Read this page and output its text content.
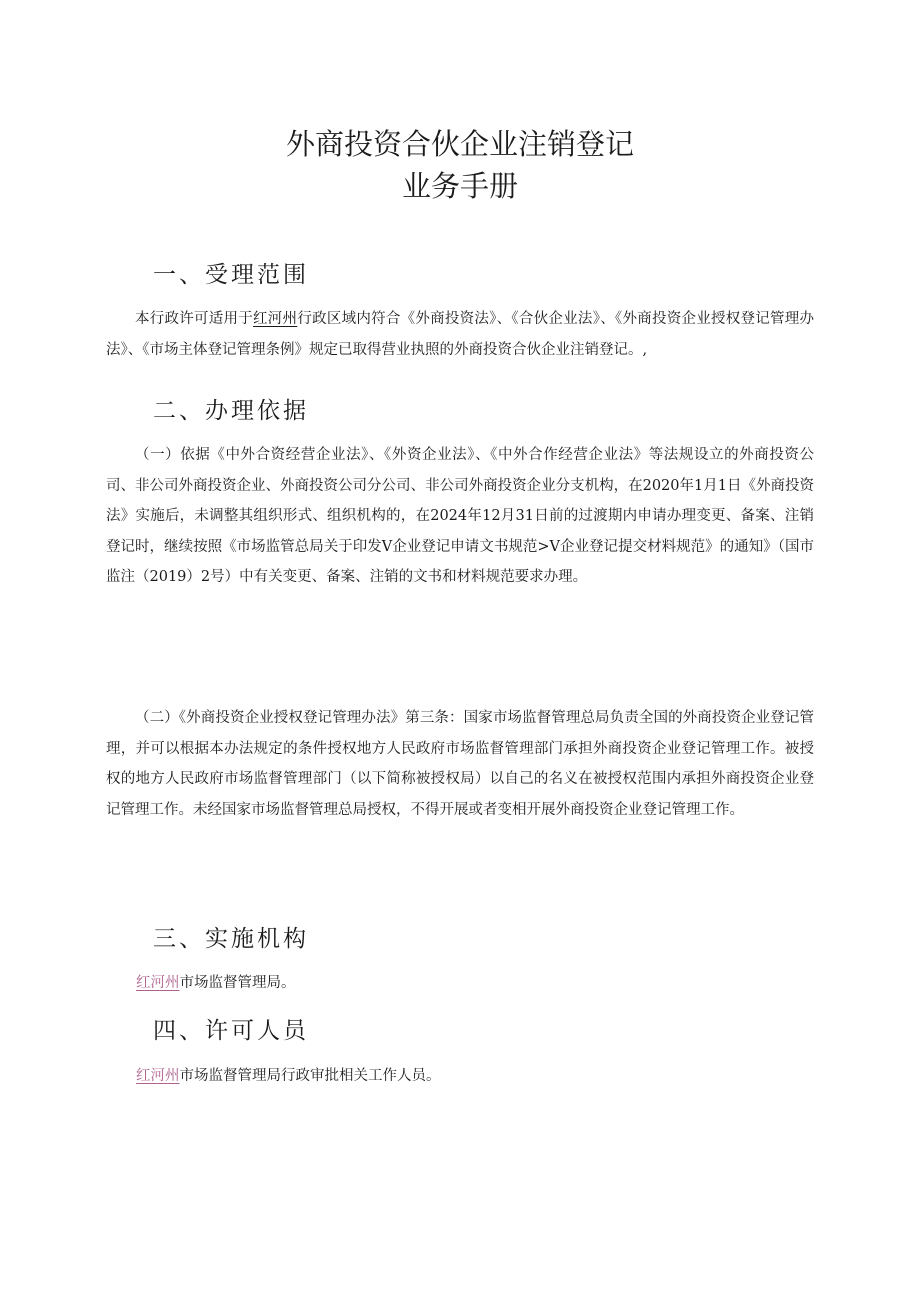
外商投资合伙企业注销登记
业务手册
一、受理范围
本行政许可适用于红河州行政区域内符合《外商投资法》、《合伙企业法》、《外商投资企业授权登记管理办法》、《市场主体登记管理条例》规定已取得营业执照的外商投资合伙企业注销登记。,
二、办理依据
（一）依据《中外合资经营企业法》、《外资企业法》、《中外合作经营企业法》等法规设立的外商投资公司、非公司外商投资企业、外商投资公司分公司、非公司外商投资企业分支机构，在2020年1月1日《外商投资法》实施后，未调整其组织形式、组织机构的，在2024年12月31日前的过渡期内申请办理变更、备案、注销登记时，继续按照《市场监管总局关于印发V企业登记申请文书规范>V企业登记提交材料规范》的通知》（国市监注（2019）2号）中有关变更、备案、注销的文书和材料规范要求办理。
（二）《外商投资企业授权登记管理办法》第三条：国家市场监督管理总局负责全国的外商投资企业登记管理，并可以根据本办法规定的条件授权地方人民政府市场监督管理部门承担外商投资企业登记管理工作。被授权的地方人民政府市场监督管理部门（以下简称被授权局）以自己的名义在被授权范围内承担外商投资企业登记管理工作。未经国家市场监督管理总局授权，不得开展或者变相开展外商投资企业登记管理工作。
三、实施机构
红河州市场监督管理局。
四、许可人员
红河州市场监督管理局行政审批相关工作人员。
